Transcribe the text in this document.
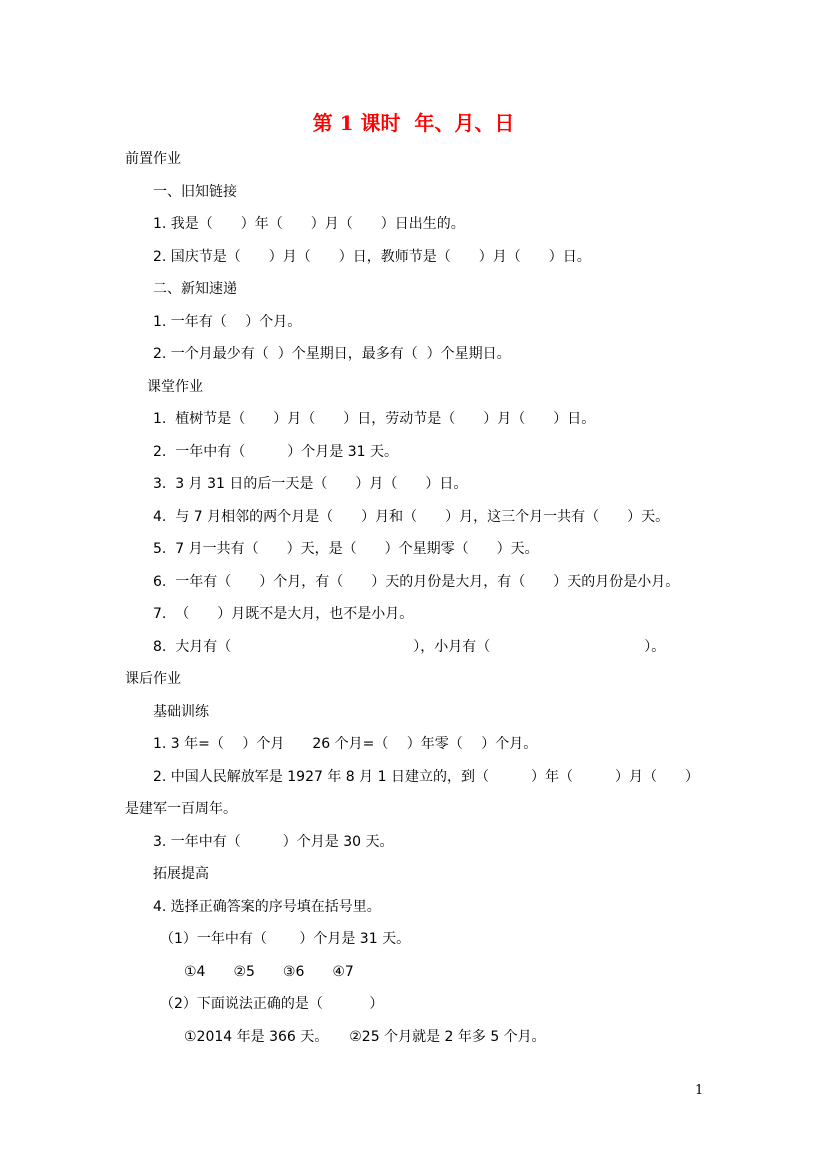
第 1 课时  年、月、日
前置作业
一、旧知链接
1. 我是（　　）年（　　）月（　　）日出生的。
2. 国庆节是（　　）月（　　）日，教师节是（　　）月（　　）日。
二、新知速递
1. 一年有（　 ）个月。
2. 一个月最少有（  ）个星期日，最多有（  ）个星期日。
课堂作业
1.  植树节是（　　）月（　　）日，劳动节是（　　）月（　　）日。
2.  一年中有（　　　）个月是 31 天。
3.  3 月 31 日的后一天是（　　）月（　　）日。
4.  与 7 月相邻的两个月是（　　）月和（　　）月，这三个月一共有（　　）天。
5.  7 月一共有（　　）天，是（　　）个星期零（　　）天。
6.  一年有（　　）个月，有（　　）天的月份是大月，有（　　）天的月份是小月。
7.  （　　）月既不是大月，也不是小月。
8.  大月有（　　　　　　　　　　　　　），小月有（　　　　　　　　　　　）。
课后作业
基础训练
1. 3 年=（　 ）个月　　26 个月=（　 ）年零（　 ）个月。
2. 中国人民解放军是 1927 年 8 月 1 日建立的，到（　　　）年（　　　）月（　　）
是建军一百周年。
3. 一年中有（　　　）个月是 30 天。
拓展提高
4. 选择正确答案的序号填在括号里。
（1）一年中有（　　 ）个月是 31 天。
①4　　②5　　③6　　④7
（2）下面说法正确的是（　　　 ）
①2014 年是 366 天。　　②25 个月就是 2 年多 5 个月。
1
